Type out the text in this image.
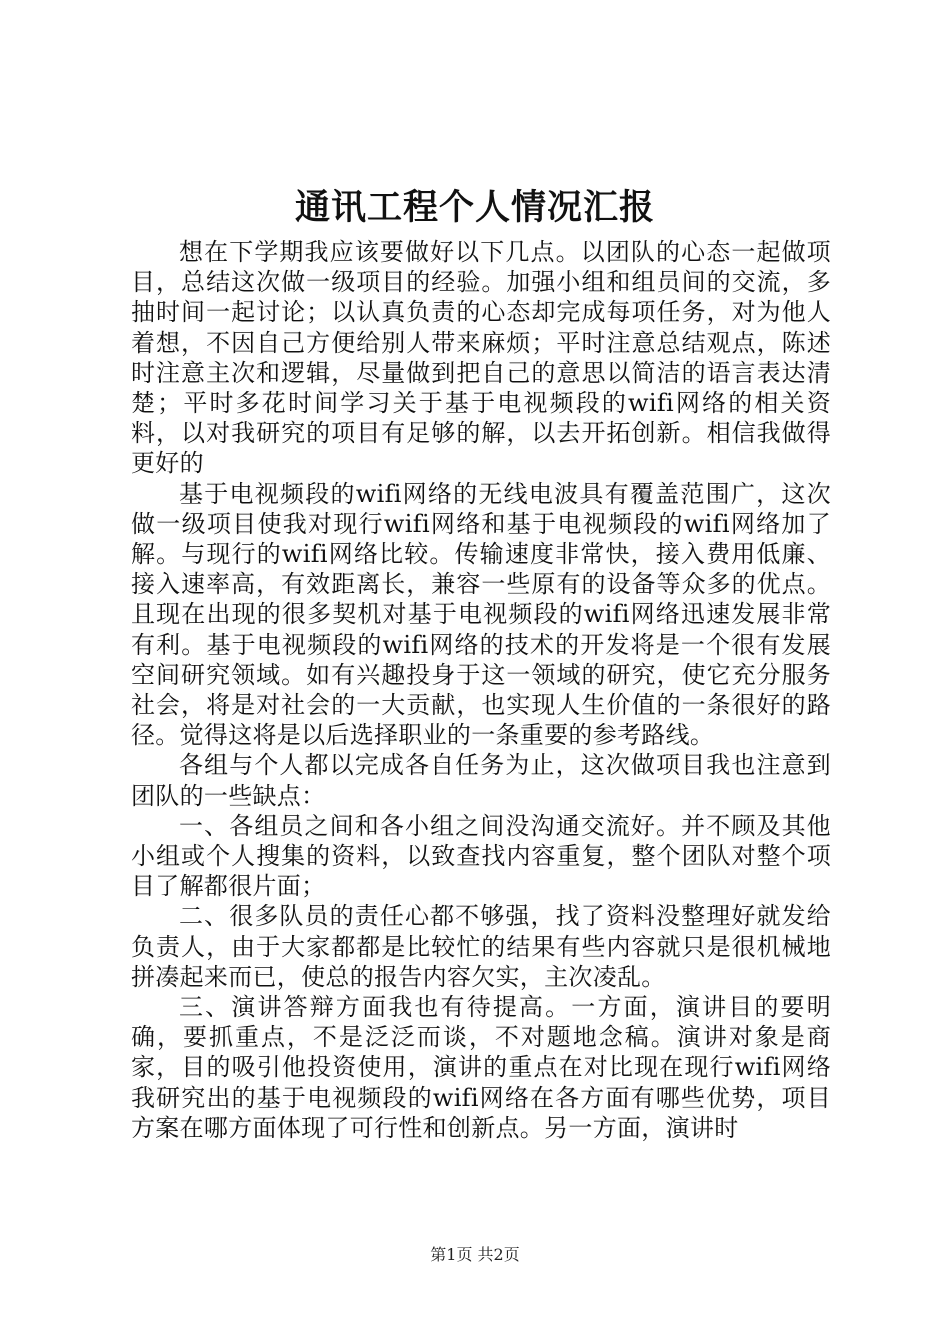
通讯工程个人情况汇报

想在下学期我应该要做好以下几点。以团队的心态一起做项目，总结这次做一级项目的经验。加强小组和组员间的交流，多抽时间一起讨论；以认真负责的心态却完成每项任务，对为他人着想，不因自己方便给别人带来麻烦；平时注意总结观点，陈述时注意主次和逻辑，尽量做到把自己的意思以简洁的语言表达清楚；平时多花时间学习关于基于电视频段的wifi网络的相关资料，以对我研究的项目有足够的解，以去开拓创新。相信我做得更好的

基于电视频段的wifi网络的无线电波具有覆盖范围广，这次做一级项目使我对现行wifi网络和基于电视频段的wifi网络加了解。与现行的wifi网络比较。传输速度非常快，接入费用低廉、接入速率高，有效距离长，兼容一些原有的设备等众多的优点。且现在出现的很多契机对基于电视频段的wifi网络迅速发展非常有利。基于电视频段的wifi网络的技术的开发将是一个很有发展空间研究领域。如有兴趣投身于这一领域的研究，使它充分服务社会，将是对社会的一大贡献，也实现人生价值的一条很好的路径。觉得这将是以后选择职业的一条重要的参考路线。

各组与个人都以完成各自任务为止，这次做项目我也注意到团队的一些缺点：

一、各组员之间和各小组之间没沟通交流好。并不顾及其他小组或个人搜集的资料，以致查找内容重复，整个团队对整个项目了解都很片面；

二、很多队员的责任心都不够强，找了资料没整理好就发给负责人，由于大家都都是比较忙的结果有些内容就只是很机械地拼凑起来而已，使总的报告内容欠实，主次凌乱。

三、演讲答辩方面我也有待提高。一方面，演讲目的要明确，要抓重点，不是泛泛而谈，不对题地念稿。演讲对象是商家，目的吸引他投资使用，演讲的重点在对比现在现行wifi网络我研究出的基于电视频段的wifi网络在各方面有哪些优势，项目方案在哪方面体现了可行性和创新点。另一方面，演讲时

第1页 共2页
